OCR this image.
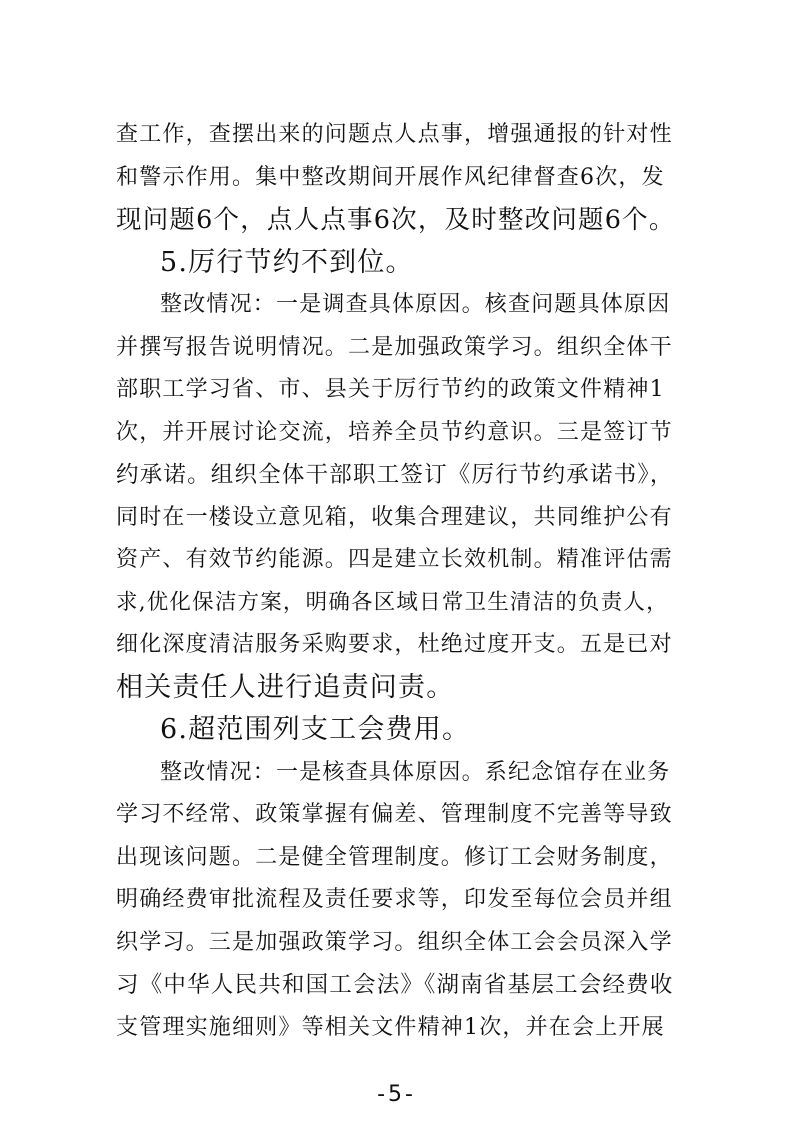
查工作，查摆出来的问题点人点事，增强通报的针对性
和警示作用。集中整改期间开展作风纪律督查6次，发
现问题6个，点人点事6次，及时整改问题6个。
5.厉行节约不到位。
整改情况：一是调查具体原因。核查问题具体原因
并撰写报告说明情况。二是加强政策学习。组织全体干
部职工学习省、市、县关于厉行节约的政策文件精神1
次，并开展讨论交流，培养全员节约意识。三是签订节
约承诺。组织全体干部职工签订《厉行节约承诺书》，
同时在一楼设立意见箱，收集合理建议，共同维护公有
资产、有效节约能源。四是建立长效机制。精准评估需
求,优化保洁方案，明确各区域日常卫生清洁的负责人，
细化深度清洁服务采购要求，杜绝过度开支。五是已对
相关责任人进行追责问责。
6.超范围列支工会费用。
整改情况：一是核查具体原因。系纪念馆存在业务
学习不经常、政策掌握有偏差、管理制度不完善等导致
出现该问题。二是健全管理制度。修订工会财务制度，
明确经费审批流程及责任要求等，印发至每位会员并组
织学习。三是加强政策学习。组织全体工会会员深入学
习《中华人民共和国工会法》《湖南省基层工会经费收
支管理实施细则》等相关文件精神1次，并在会上开展
-5-
